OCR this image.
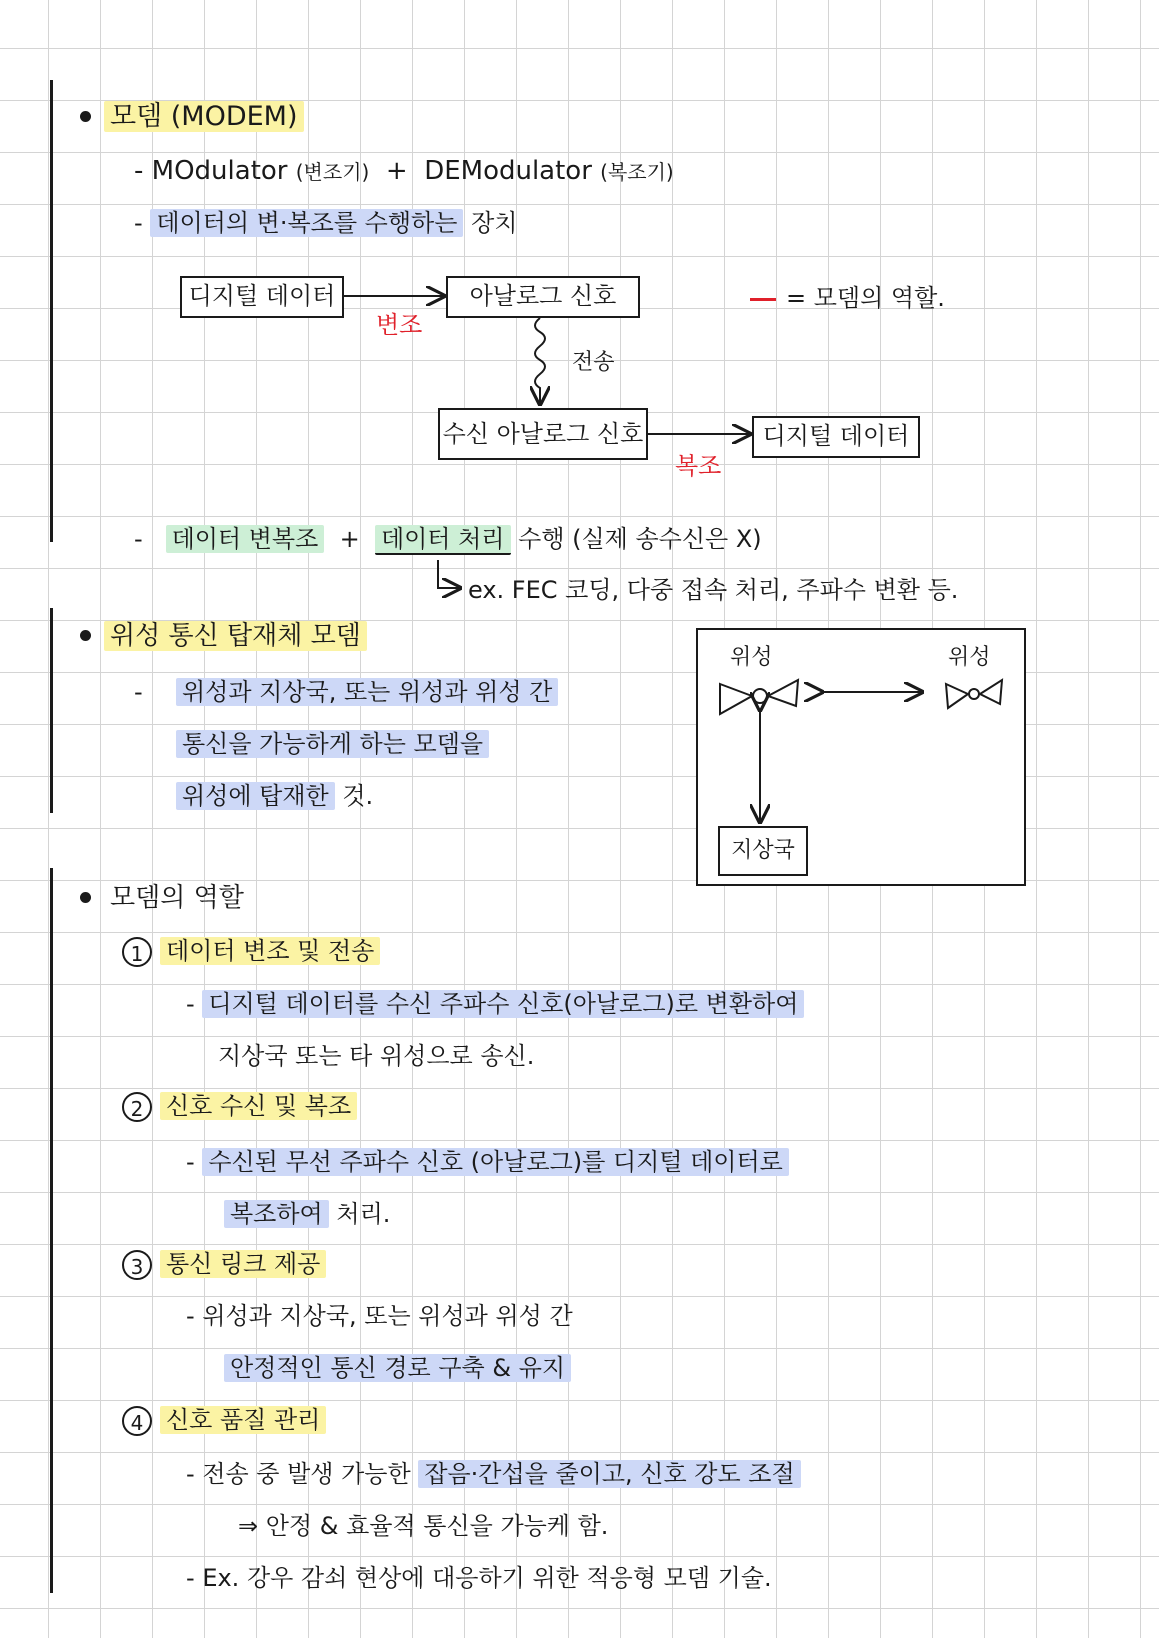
모뎀 (MODEM)
- MOdulator (변조기) + DEModulator (복조기)
- 데이터의 변·복조를 수행하는 장치
디지털 데이터	아날로그 신호
변조
전송
수신 아날로그 신호	디지털 데이터
복조
= 모뎀의 역할.
- 데이터 변복조 + 데이터 처리 수행 (실제 송수신은 X)
ex. FEC 코딩, 다중 접속 처리, 주파수 변환 등.
위성 통신 탑재체 모뎀
- 위성과 지상국, 또는 위성과 위성 간
통신을 가능하게 하는 모뎀을
위성에 탑재한 것.
위성	위성
지상국
모뎀의 역할
1 데이터 변조 및 전송
- 디지털 데이터를 수신 주파수 신호(아날로그)로 변환하여
지상국 또는 타 위성으로 송신.
2 신호 수신 및 복조
- 수신된 무선 주파수 신호 (아날로그)를 디지털 데이터로
복조하여 처리.
3 통신 링크 제공
- 위성과 지상국, 또는 위성과 위성 간
안정적인 통신 경로 구축 & 유지
4 신호 품질 관리
- 전송 중 발생 가능한 잡음·간섭을 줄이고, 신호 강도 조절
⇒ 안정 & 효율적 통신을 가능케 함.
- Ex. 강우 감쇠 현상에 대응하기 위한 적응형 모뎀 기술.
